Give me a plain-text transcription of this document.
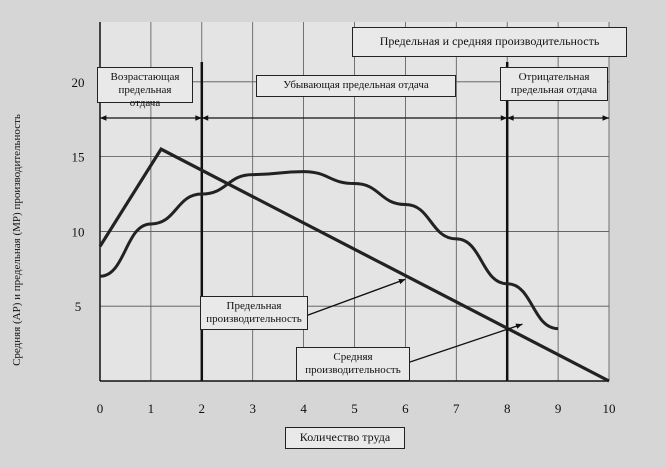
0	1	2	3	4	5	6	7	8	9	10
5
10
15
20
Предельная и средняя производительность
Возрастающая предельная отдача
Убывающая предельная отдача
Отрицательная предельная отдача
Предельная производительность
Средняя производительность
Количество труда
Средняя (AP) и предельная (MP) производительность
